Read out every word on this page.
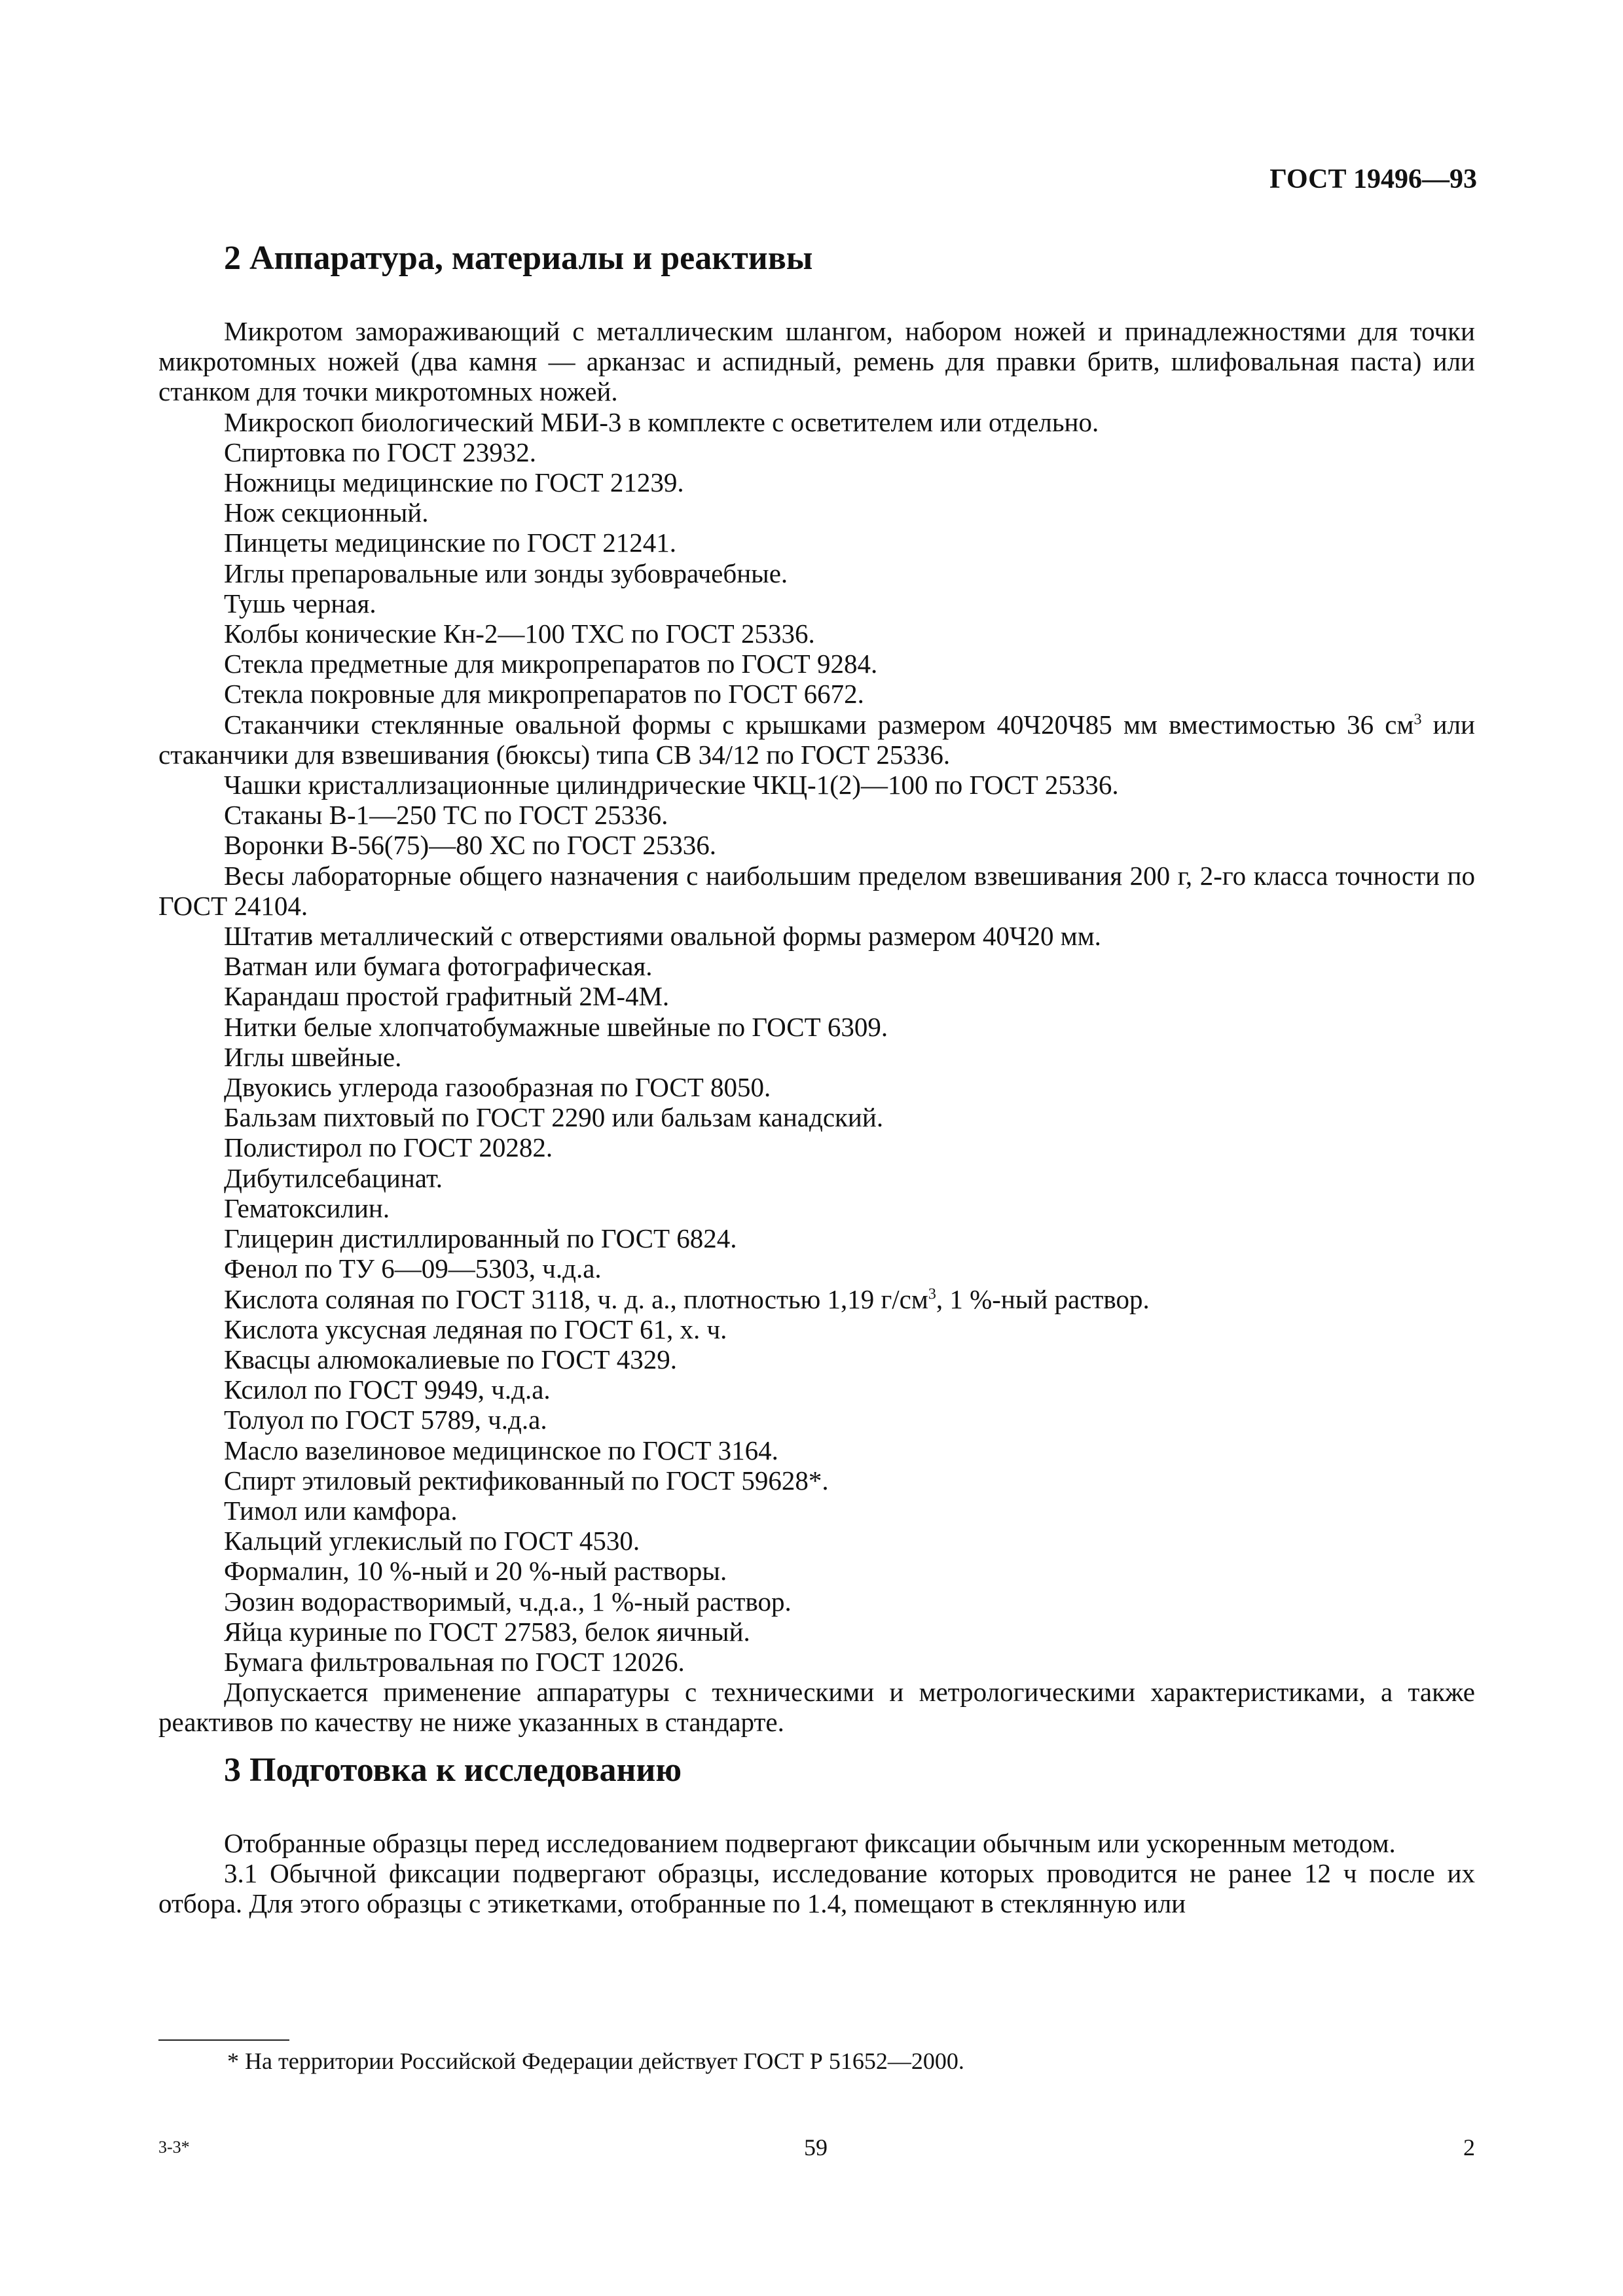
ГОСТ 19496—93
2 Аппаратура, материалы и реактивы

Микротом замораживающий с металлическим шлангом, набором ножей и принадлежностями для точки микротомных ножей (два камня — арканзас и аспидный, ремень для правки бритв, шлифовальная паста) или станком для точки микротомных ножей.

Микроскоп биологический МБИ-3 в комплекте с осветителем или отдельно.

Спиртовка по ГОСТ 23932.

Ножницы медицинские по ГОСТ 21239.

Нож секционный.

Пинцеты медицинские по ГОСТ 21241.

Иглы препаровальные или зонды зубоврачебные.

Тушь черная.

Колбы конические Кн-2—100 ТХС по ГОСТ 25336.

Стекла предметные для микропрепаратов по ГОСТ 9284.

Стекла покровные для микропрепаратов по ГОСТ 6672.

Стаканчики стеклянные овальной формы с крышками размером 40Ч20Ч85 мм вместимостью 36 $см^3$ или стаканчики для взвешивания (бюксы) типа СВ 34/12 по ГОСТ 25336.

Чашки кристаллизационные цилиндрические ЧКЦ-1(2)—100 по ГОСТ 25336.

Стаканы В-1—250 ТС по ГОСТ 25336.

Воронки В-56(75)—80 ХС по ГОСТ 25336.

Весы лабораторные общего назначения с наибольшим пределом взвешивания 200 г, 2-го класса точности по ГОСТ 24104.

Штатив металлический с отверстиями овальной формы размером 40Ч20 мм.

Ватман или бумага фотографическая.

Карандаш простой графитный 2М-4М.

Нитки белые хлопчатобумажные швейные по ГОСТ 6309.

Иглы швейные.

Двуокись углерода газообразная по ГОСТ 8050.

Бальзам пихтовый по ГОСТ 2290 или бальзам канадский.

Полистирол по ГОСТ 20282.

Дибутилсебацинат.

Гематоксилин.

Глицерин дистиллированный по ГОСТ 6824.

Фенол по ТУ 6—09—5303, ч.д.а.

Кислота соляная по ГОСТ 3118, ч. д. а., плотностью 1,19 $г/см^3$, 1 %-ный раствор.

Кислота уксусная ледяная по ГОСТ 61, х. ч.

Квасцы алюмокалиевые по ГОСТ 4329.

Ксилол по ГОСТ 9949, ч.д.а.

Толуол по ГОСТ 5789, ч.д.а.

Масло вазелиновое медицинское по ГОСТ 3164.

Спирт этиловый ректификованный по ГОСТ 59628*.

Тимол или камфора.

Кальций углекислый по ГОСТ 4530.

Формалин, 10 %-ный и 20 %-ный растворы.

Эозин водорастворимый, ч.д.а., 1 %-ный раствор.

Яйца куриные по ГОСТ 27583, белок яичный.

Бумага фильтровальная по ГОСТ 12026.

Допускается применение аппаратуры с техническими и метрологическими характеристиками, а также реактивов по качеству не ниже указанных в стандарте.

3 Подготовка к исследованию

Отобранные образцы перед исследованием подвергают фиксации обычным или ускоренным методом.

3.1 Обычной фиксации подвергают образцы, исследование которых проводится не ранее 12 ч после их отбора. Для этого образцы с этикетками, отобранные по 1.4, помещают в стеклянную или

* На территории Российской Федерации действует ГОСТ Р 51652—2000.
3-3*	59	2
